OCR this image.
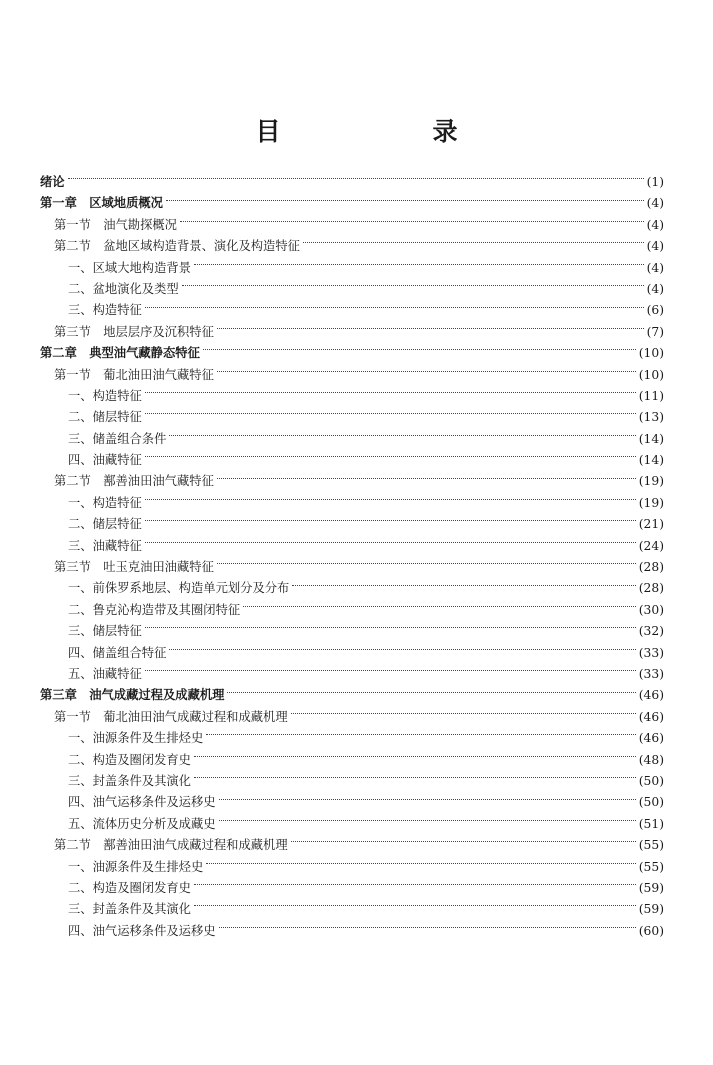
目　　录
绪论	(1)
第一章　区域地质概况	(4)
第一节　油气勘探概况	(4)
第二节　盆地区域构造背景、演化及构造特征	(4)
一、区域大地构造背景	(4)
二、盆地演化及类型	(4)
三、构造特征	(6)
第三节　地层层序及沉积特征	(7)
第二章　典型油气藏静态特征	(10)
第一节　葡北油田油气藏特征	(10)
一、构造特征	(11)
二、储层特征	(13)
三、储盖组合条件	(14)
四、油藏特征	(14)
第二节　鄯善油田油气藏特征	(19)
一、构造特征	(19)
二、储层特征	(21)
三、油藏特征	(24)
第三节　吐玉克油田油藏特征	(28)
一、前侏罗系地层、构造单元划分及分布	(28)
二、鲁克沁构造带及其圈闭特征	(30)
三、储层特征	(32)
四、储盖组合特征	(33)
五、油藏特征	(33)
第三章　油气成藏过程及成藏机理	(46)
第一节　葡北油田油气成藏过程和成藏机理	(46)
一、油源条件及生排烃史	(46)
二、构造及圈闭发育史	(48)
三、封盖条件及其演化	(50)
四、油气运移条件及运移史	(50)
五、流体历史分析及成藏史	(51)
第二节　鄯善油田油气成藏过程和成藏机理	(55)
一、油源条件及生排烃史	(55)
二、构造及圈闭发育史	(59)
三、封盖条件及其演化	(59)
四、油气运移条件及运移史	(60)
